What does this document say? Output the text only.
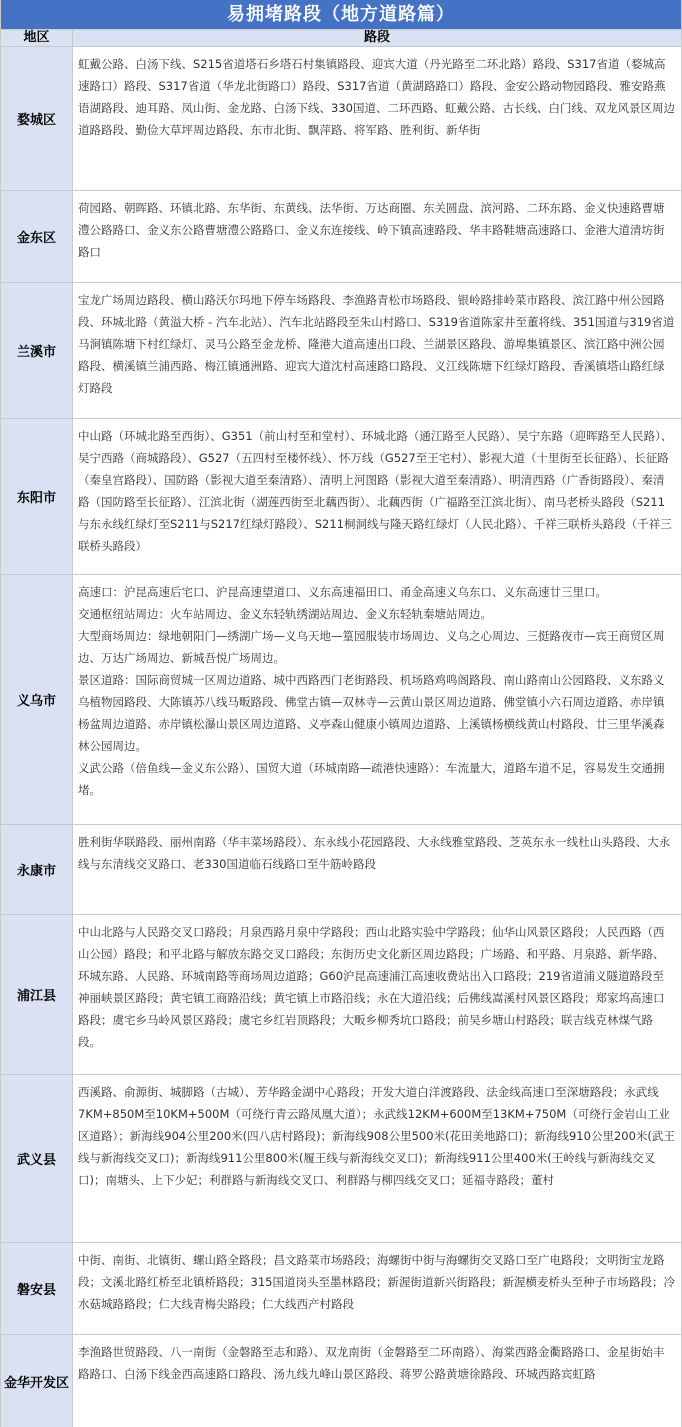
易拥堵路段（地方道路篇）
地区	路段
婺城区
虹戴公路、白汤下线、S215省道塔石乡塔石村集镇路段、迎宾大道（丹光路至二环北路）路段、S317省道（婺城高速路口）路段、S317省道（华龙北街路口）路段、S317省道（黄湖路路口）路段、金安公路动物园路段、雅安路燕语湖路段、迪耳路、凤山街、金龙路、白汤下线、330国道、二环西路、虹戴公路、古长线、白门线、双龙风景区周边道路路段、勤俭大草坪周边路段、东市北街、飘萍路、将军路、胜利街、新华街
金东区
荷园路、朝晖路、环镇北路、东华街、东黄线、法华街、万达商圈、东关圆盘、滨河路、二环东路、金义快速路曹塘澧公路路口、金义东公路曹塘澧公路路口、金义东连接线、岭下镇高速路段、华丰路鞋塘高速路口、金港大道清坊街路口
兰溪市
宝龙广场周边路段、横山路沃尔玛地下停车场路段、李渔路青松市场路段、银岭路排岭菜市路段、滨江路中州公园路段、环城北路（黄溢大桥 - 汽车北站）、汽车北站路段至朱山村路口、S319省道陈家井至董将线、351国道与319省道马涧镇陈塘下村红绿灯、灵马公路至金龙桥、隆港大道高速出口段、兰湖景区路段、游埠集镇景区、滨江路中洲公园路段、横溪镇兰浦西路、梅江镇通洲路、迎宾大道沈村高速路口路段、义江线陈塘下红绿灯路段、香溪镇塔山路红绿灯路段
东阳市
中山路（环城北路至西街）、G351（前山村至和堂村）、环城北路（通江路至人民路）、吴宁东路（迎晖路至人民路）、吴宁西路（商城路段）、G527（五四村至楼怀线）、怀万线（G527至王宅村）、影视大道（十里街至长征路）、长征路（秦皇宫路段）、国防路（影视大道至秦清路）、清明上河图路（影视大道至秦清路）、明清西路（广香街路段）、秦清路（国防路至长征路）、江滨北街（湖莲西街至北藕西街）、北藕西街（广福路至江滨北街）、南马老桥头路段（S211与东永线红绿灯至S211与S217红绿灯路段）、S211桐洞线与隆天路红绿灯（人民北路）、千祥三联桥头路段（千祥三联桥头路段）
义乌市
高速口：沪昆高速后宅口、沪昆高速望道口、义东高速福田口、甬金高速义乌东口、义东高速廿三里口。
交通枢纽站周边：火车站周边、金义东轻轨绣湖站周边、金义东轻轨秦塘站周边。
大型商场周边：绿地朝阳门—绣湖广场—义乌天地—篁园服装市场周边、义乌之心周边、三挺路夜市—宾王商贸区周边、万达广场周边、新城吾悦广场周边。
景区道路：国际商贸城一区周边道路、城中西路西门老街路段、机场路鸡鸣阁路段、南山路南山公园路段、义东路义乌植物园路段、大陈镇苏八线马畈路段、佛堂古镇—双林寺—云黄山景区周边道路、佛堂镇小六石周边道路、赤岸镇杨盆周边道路、赤岸镇松瀑山景区周边道路、义亭森山健康小镇周边道路、上溪镇杨横线黄山村路段、廿三里华溪森林公园周边。
义武公路（倍鱼线—金义东公路）、国贸大道（环城南路—疏港快速路）：车流量大，道路车道不足，容易发生交通拥堵。
永康市
胜利街华联路段、丽州南路（华丰菜场路段）、东永线小花园路段、大永线雅堂路段、芝英东永一线杜山头路段、大永线与东清线交叉路口、老330国道临石线路口至牛筋岭路段
浦江县
中山北路与人民路交叉口路段；月泉西路月泉中学路段；西山北路实验中学路段；仙华山风景区路段；人民西路（西山公园）路段；和平北路与解放东路交叉口路段；东街历史文化新区周边路段；广场路、和平路、月泉路、新华路、环城东路、人民路、环城南路等商场周边道路；G60沪昆高速浦江高速收费站出入口路段；219省道浦义隧道路段至神丽峡景区路段；黄宅镇工商路沿线；黄宅镇上市路沿线；永在大道沿线；后佛线嵩溪村风景区路段；郑家坞高速口路段；虞宅乡马岭风景区路段；虞宅乡红岩顶路段；大畈乡柳秀坑口路段；前吴乡塘山村路段；联吉线克林煤气路段。
武义县
西溪路、俞源街、城脚路（古城）、芳华路金湖中心路段；开发大道白洋渡路段、法金线高速口至深塘路段；永武线7KM+850M至10KM+500M（可绕行青云路凤凰大道）；永武线12KM+600M至13KM+750M（可绕行金岩山工业区道路）；新海线904公里200米(四八店村路段)；新海线908公里500米(花田美地路口)；新海线910公里200米(武王线与新海线交叉口)；新海线911公里800米(履王线与新海线交叉口)；新海线911公里400米(王岭线与新海线交叉口)；南塘头、上下少妃；利群路与新海线交叉口、利群路与柳四线交叉口；延福寺路段；董村
磐安县
中街、南街、北镇街、螺山路全路段；昌文路菜市场路段；海螺街中街与海螺街交叉路口至广电路段；文明街宝龙路段；文溪北路红桥至北镇桥路段；315国道岗头至墨林路段；新渥街道新兴街路段；新渥横麦桥头至种子市场路段；冷水菇城路路段；仁大线青梅尖路段；仁大线西产村路段
金华开发区
李渔路世贸路段、八一南街（金磐路至志和路）、双龙南街（金磐路至二环南路）、海棠西路金衢路路口、金星街始丰路路口、白汤下线金西高速路口路段、汤九线九峰山景区路段、蒋罗公路黄塘徐路段、环城西路宾虹路
